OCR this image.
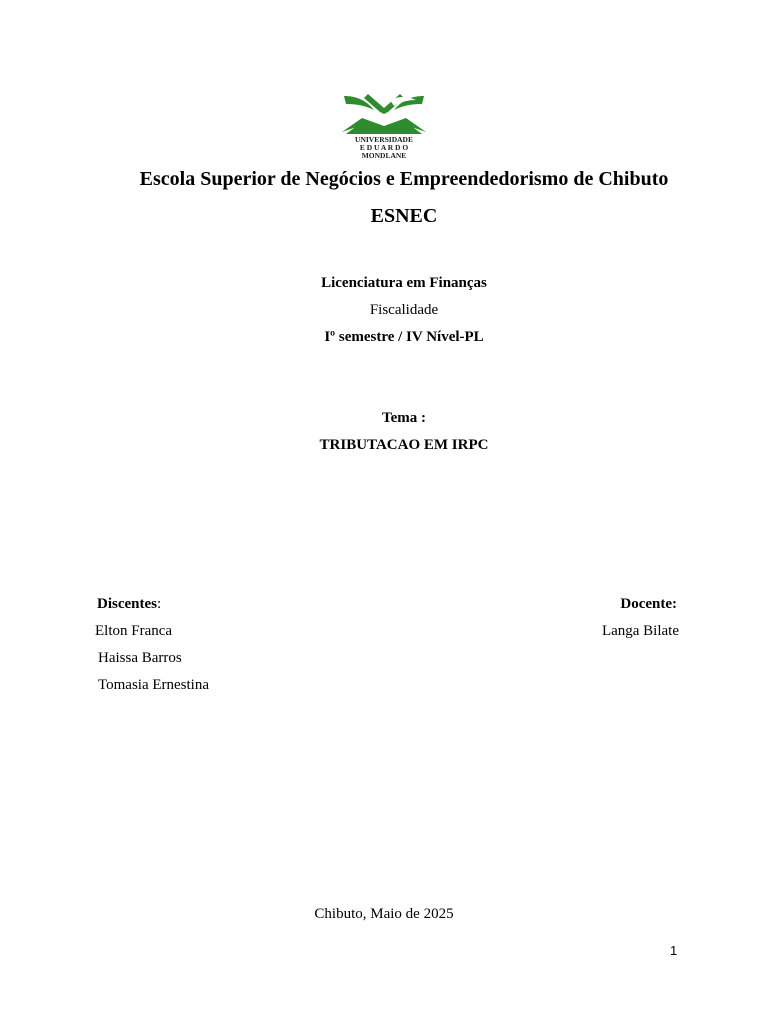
UNIVERSIDADE
E D U A R D O
MONDLANE
Escola Superior de Negócios e Empreendedorismo de Chibuto
ESNEC
Licenciatura em Finanças
Fiscalidade
Iº semestre / IV Nível-PL
Tema :
TRIBUTACAO EM IRPC
Discentes:
Elton Franca
Haissa Barros
Tomasia Ernestina
Docente:
Langa Bilate
Chibuto, Maio de 2025
1
